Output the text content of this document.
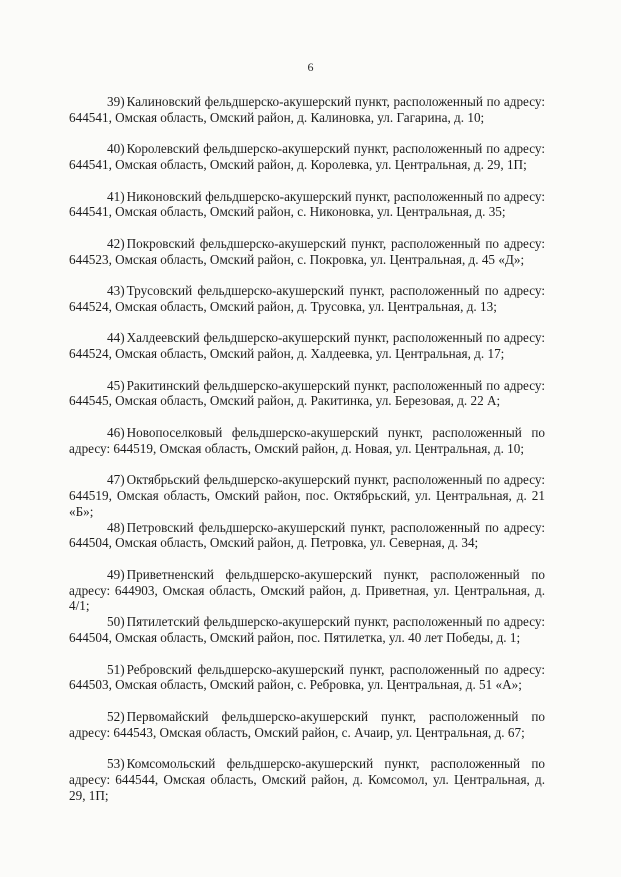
6

39) Калиновский фельдшерско-акушерский пункт, расположенный по адресу: 644541, Омская область, Омский район, д. Калиновка, ул. Гагарина, д. 10;

40) Королевский фельдшерско-акушерский пункт, расположенный по адресу: 644541, Омская область, Омский район, д. Королевка, ул. Центральная, д. 29, 1П;

41) Никоновский фельдшерско-акушерский пункт, расположенный по адресу: 644541, Омская область, Омский район, с. Никоновка, ул. Центральная, д. 35;

42) Покровский фельдшерско-акушерский пункт, расположенный по адресу: 644523, Омская область, Омский район, с. Покровка, ул. Центральная, д. 45 «Д»;

43) Трусовский фельдшерско-акушерский пункт, расположенный по адресу: 644524, Омская область, Омский район, д. Трусовка, ул. Центральная, д. 13;

44) Халдеевский фельдшерско-акушерский пункт, расположенный по адресу: 644524, Омская область, Омский район, д. Халдеевка, ул. Центральная, д. 17;

45) Ракитинский фельдшерско-акушерский пункт, расположенный по адресу: 644545, Омская область, Омский район, д. Ракитинка, ул. Березовая, д. 22 А;

46) Новопоселковый фельдшерско-акушерский пункт, расположенный по адресу: 644519, Омская область, Омский район, д. Новая, ул. Центральная, д. 10;

47) Октябрьский фельдшерско-акушерский пункт, расположенный по адресу: 644519, Омская область, Омский район, пос. Октябрьский, ул. Центральная, д. 21 «Б»;

48) Петровский фельдшерско-акушерский пункт, расположенный по адресу: 644504, Омская область, Омский район, д. Петровка, ул. Северная, д. 34;

49) Приветненский фельдшерско-акушерский пункт, расположенный по адресу: 644903, Омская область, Омский район, д. Приветная, ул. Центральная, д. 4/1;

50) Пятилетский фельдшерско-акушерский пункт, расположенный по адресу: 644504, Омская область, Омский район, пос. Пятилетка, ул. 40 лет Победы, д. 1;

51) Ребровский фельдшерско-акушерский пункт, расположенный по адресу: 644503, Омская область, Омский район, с. Ребровка, ул. Центральная, д. 51 «А»;

52) Первомайский фельдшерско-акушерский пункт, расположенный по адресу: 644543, Омская область, Омский район, с. Ачаир, ул. Центральная, д. 67;

53) Комсомольский фельдшерско-акушерский пункт, расположенный по адресу: 644544, Омская область, Омский район, д. Комсомол, ул. Центральная, д. 29, 1П;
